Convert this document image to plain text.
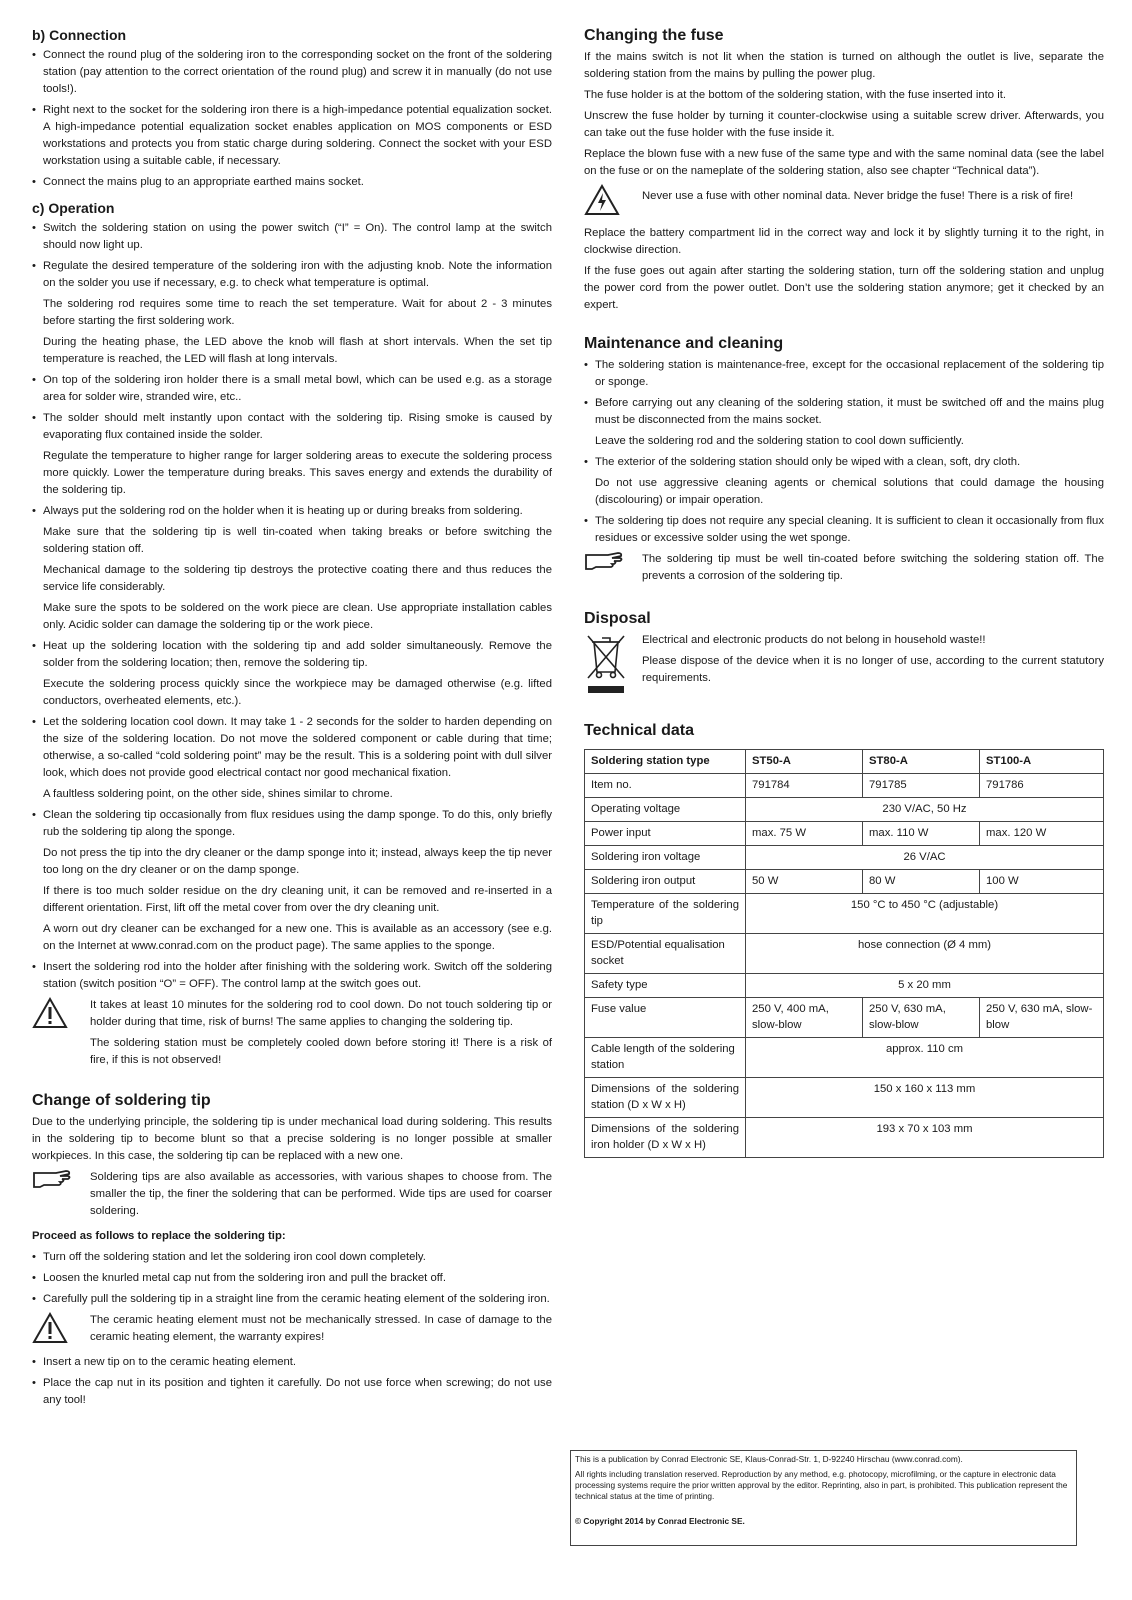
b) Connection
• Connect the round plug of the soldering iron to the corresponding socket on the front of the soldering station (pay attention to the correct orientation of the round plug) and screw it in manually (do not use tools!).
• Right next to the socket for the soldering iron there is a high-impedance potential equalization socket. A high-impedance potential equalization socket enables application on MOS components or ESD workstations and protects you from static charge during soldering. Connect the socket with your ESD workstation using a suitable cable, if necessary.
• Connect the mains plug to an appropriate earthed mains socket.
c) Operation
• Switch the soldering station on using the power switch (“I” = On). The control lamp at the switch should now light up.
• Regulate the desired temperature of the soldering iron with the adjusting knob. Note the information on the solder you use if necessary, e.g. to check what temperature is optimal.
The soldering rod requires some time to reach the set temperature. Wait for about 2 - 3 minutes before starting the first soldering work.
During the heating phase, the LED above the knob will flash at short intervals. When the set tip temperature is reached, the LED will flash at long intervals.
• On top of the soldering iron holder there is a small metal bowl, which can be used e.g. as a storage area for solder wire, stranded wire, etc..
• The solder should melt instantly upon contact with the soldering tip. Rising smoke is caused by evaporating flux contained inside the solder.
Regulate the temperature to higher range for larger soldering areas to execute the soldering process more quickly. Lower the temperature during breaks. This saves energy and extends the durability of the soldering tip.
• Always put the soldering rod on the holder when it is heating up or during breaks from soldering.
Make sure that the soldering tip is well tin-coated when taking breaks or before switching the soldering station off.
Mechanical damage to the soldering tip destroys the protective coating there and thus reduces the service life considerably.
Make sure the spots to be soldered on the work piece are clean. Use appropriate installation cables only. Acidic solder can damage the soldering tip or the work piece.
• Heat up the soldering location with the soldering tip and add solder simultaneously. Remove the solder from the soldering location; then, remove the soldering tip.
Execute the soldering process quickly since the workpiece may be damaged otherwise (e.g. lifted conductors, overheated elements, etc.).
• Let the soldering location cool down. It may take 1 - 2 seconds for the solder to harden depending on the size of the soldering location. Do not move the soldered component or cable during that time; otherwise, a so-called “cold soldering point” may be the result. This is a soldering point with dull silver look, which does not provide good electrical contact nor good mechanical fixation.
A faultless soldering point, on the other side, shines similar to chrome.
• Clean the soldering tip occasionally from flux residues using the damp sponge. To do this, only briefly rub the soldering tip along the sponge.
Do not press the tip into the dry cleaner or the damp sponge into it; instead, always keep the tip never too long on the dry cleaner or on the damp sponge.
If there is too much solder residue on the dry cleaning unit, it can be removed and re-inserted in a different orientation. First, lift off the metal cover from over the dry cleaning unit.
A worn out dry cleaner can be exchanged for a new one. This is available as an accessory (see e.g. on the Internet at www.conrad.com on the product page). The same applies to the sponge.
• Insert the soldering rod into the holder after finishing with the soldering work. Switch off the soldering station (switch position “O” = OFF). The control lamp at the switch goes out.
It takes at least 10 minutes for the soldering rod to cool down. Do not touch soldering tip or holder during that time, risk of burns! The same applies to changing the soldering tip.
The soldering station must be completely cooled down before storing it! There is a risk of fire, if this is not observed!
Change of soldering tip
Due to the underlying principle, the soldering tip is under mechanical load during soldering. This results in the soldering tip to become blunt so that a precise soldering is no longer possible at smaller workpieces. In this case, the soldering tip can be replaced with a new one.
Soldering tips are also available as accessories, with various shapes to choose from. The smaller the tip, the finer the soldering that can be performed. Wide tips are used for coarser soldering.
Proceed as follows to replace the soldering tip:
• Turn off the soldering station and let the soldering iron cool down completely.
• Loosen the knurled metal cap nut from the soldering iron and pull the bracket off.
• Carefully pull the soldering tip in a straight line from the ceramic heating element of the soldering iron.
The ceramic heating element must not be mechanically stressed. In case of damage to the ceramic heating element, the warranty expires!
• Insert a new tip on to the ceramic heating element.
• Place the cap nut in its position and tighten it carefully. Do not use force when screwing; do not use any tool!
Changing the fuse
If the mains switch is not lit when the station is turned on although the outlet is live, separate the soldering station from the mains by pulling the power plug.
The fuse holder is at the bottom of the soldering station, with the fuse inserted into it.
Unscrew the fuse holder by turning it counter-clockwise using a suitable screw driver. Afterwards, you can take out the fuse holder with the fuse inside it.
Replace the blown fuse with a new fuse of the same type and with the same nominal data (see the label on the fuse or on the nameplate of the soldering station, also see chapter “Technical data”).
Never use a fuse with other nominal data. Never bridge the fuse! There is a risk of fire!
Replace the battery compartment lid in the correct way and lock it by slightly turning it to the right, in clockwise direction.
If the fuse goes out again after starting the soldering station, turn off the soldering station and unplug the power cord from the power outlet. Don’t use the soldering station anymore; get it checked by an expert.
Maintenance and cleaning
• The soldering station is maintenance-free, except for the occasional replacement of the soldering tip or sponge.
• Before carrying out any cleaning of the soldering station, it must be switched off and the mains plug must be disconnected from the mains socket.
Leave the soldering rod and the soldering station to cool down sufficiently.
• The exterior of the soldering station should only be wiped with a clean, soft, dry cloth.
Do not use aggressive cleaning agents or chemical solutions that could damage the housing (discolouring) or impair operation.
• The soldering tip does not require any special cleaning. It is sufficient to clean it occasionally from flux residues or excessive solder using the wet sponge.
The soldering tip must be well tin-coated before switching the soldering station off. The prevents a corrosion of the soldering tip.
Disposal
Electrical and electronic products do not belong in household waste!!
Please dispose of the device when it is no longer of use, according to the current statutory requirements.
Technical data
Soldering station type	ST50-A	ST80-A	ST100-A
Item no.	791784	791785	791786
Operating voltage	230 V/AC, 50 Hz		
Power input	max. 75 W	max. 110 W	max. 120 W
Soldering iron voltage	26 V/AC		
Soldering iron output	50 W	80 W	100 W
Temperature of the soldering tip	150 °C to 450 °C (adjustable)		
ESD/Potential equalisation socket	hose connection (Ø 4 mm)		
Safety type	5 x 20 mm		
Fuse value	250 V, 400 mA, slow-blow	250 V, 630 mA, slow-blow	250 V, 630 mA, slow-blow
Cable length of the soldering station	approx. 110 cm		
Dimensions of the soldering station (D x W x H)	150 x 160 x 113 mm		
Dimensions of the soldering iron holder (D x W x H)	193 x 70 x 103 mm		
This is a publication by Conrad Electronic SE, Klaus-Conrad-Str. 1, D-92240 Hirschau (www.conrad.com).
All rights including translation reserved. Reproduction by any method, e.g. photocopy, microfilming, or the capture in electronic data processing systems require the prior written approval by the editor. Reprinting, also in part, is prohibited. This publication represent the technical status at the time of printing.
© Copyright 2014 by Conrad Electronic SE.
